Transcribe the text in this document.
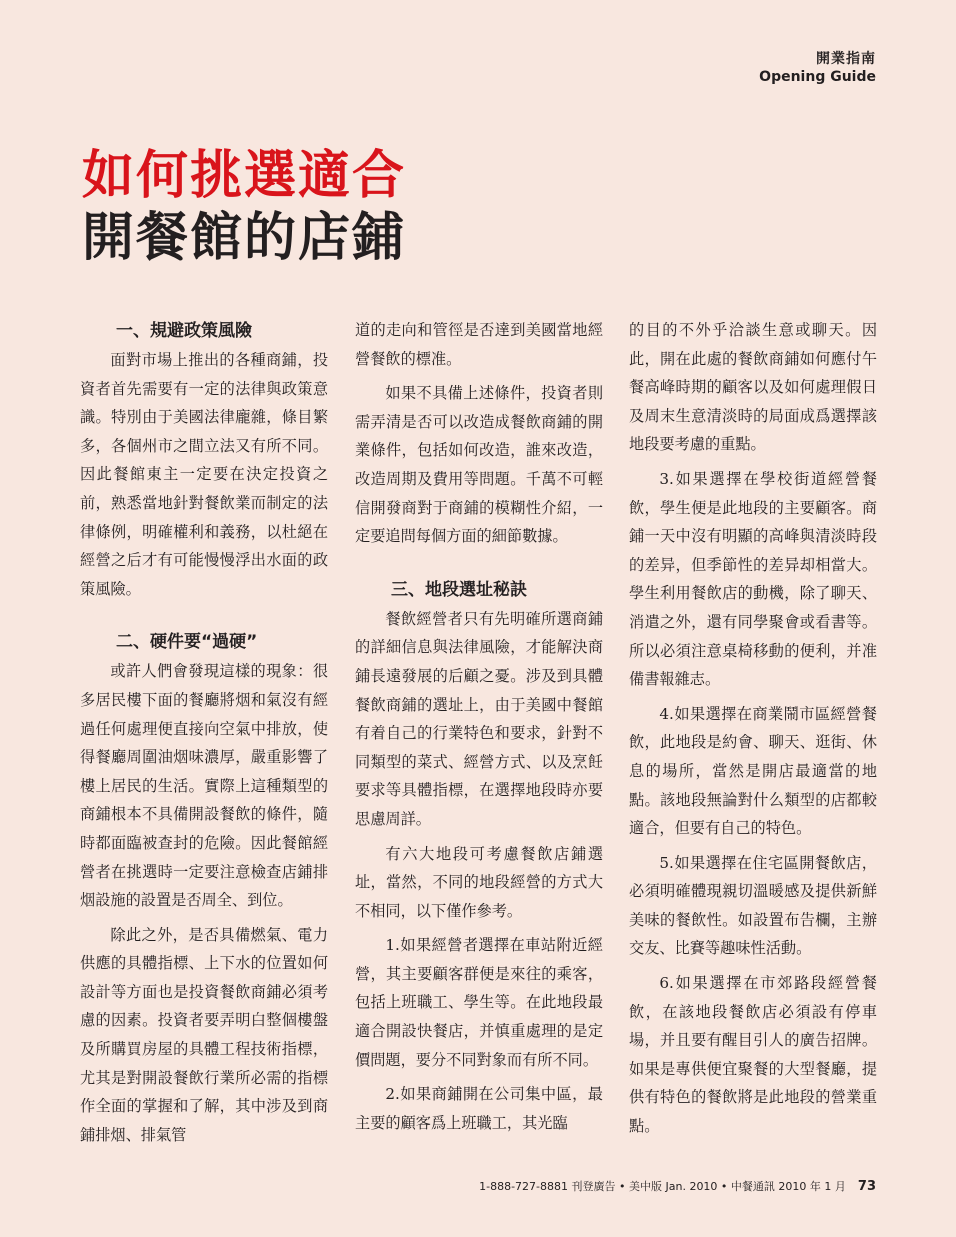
開業指南
Opening Guide
如何挑選適合
開餐館的店鋪
一、規避政策風險

面對市場上推出的各種商鋪，投資者首先需要有一定的法律與政策意識。特別由于美國法律龐雜，條目繁多，各個州市之間立法又有所不同。因此餐館東主一定要在決定投資之前，熟悉當地針對餐飲業而制定的法律條例，明確權利和義務，以杜絕在經營之后才有可能慢慢浮出水面的政策風險。

二、硬件要“過硬”

或許人們會發現這樣的現象：很多居民樓下面的餐廳將烟和氣沒有經過任何處理便直接向空氣中排放，使得餐廳周圍油烟味濃厚，嚴重影響了樓上居民的生活。實際上這種類型的商鋪根本不具備開設餐飲的條件，隨時都面臨被查封的危險。因此餐館經營者在挑選時一定要注意檢查店鋪排烟設施的設置是否周全、到位。

除此之外，是否具備燃氣、電力供應的具體指標、上下水的位置如何設計等方面也是投資餐飲商鋪必須考慮的因素。投資者要弄明白整個樓盤及所購買房屋的具體工程技術指標，尤其是對開設餐飲行業所必需的指標作全面的掌握和了解，其中涉及到商鋪排烟、排氣管

道的走向和管徑是否達到美國當地經營餐飲的標准。

如果不具備上述條件，投資者則需弄清是否可以改造成餐飲商鋪的開業條件，包括如何改造，誰來改造，改造周期及費用等問題。千萬不可輕信開發商對于商鋪的模糊性介紹，一定要追問每個方面的細節數據。

三、地段選址秘訣

餐飲經營者只有先明確所選商鋪的詳細信息與法律風險，才能解決商鋪長遠發展的后顧之憂。涉及到具體餐飲商鋪的選址上，由于美國中餐館有着自己的行業特色和要求，針對不同類型的菜式、經營方式、以及烹飪要求等具體指標，在選擇地段時亦要思慮周詳。

有六大地段可考慮餐飲店鋪選址，當然，不同的地段經營的方式大不相同，以下僅作參考。

1.如果經營者選擇在車站附近經營，其主要顧客群便是來往的乘客，包括上班職工、學生等。在此地段最適合開設快餐店，并慎重處理的是定價問題，要分不同對象而有所不同。

2.如果商鋪開在公司集中區，最主要的顧客爲上班職工，其光臨

的目的不外乎洽談生意或聊天。因此，開在此處的餐飲商鋪如何應付午餐高峰時期的顧客以及如何處理假日及周末生意清淡時的局面成爲選擇該地段要考慮的重點。

3.如果選擇在學校街道經營餐飲，學生便是此地段的主要顧客。商鋪一天中沒有明顯的高峰與清淡時段的差异，但季節性的差异却相當大。學生利用餐飲店的動機，除了聊天、消遣之外，還有同學聚會或看書等。所以必須注意桌椅移動的便利，并准備書報雜志。

4.如果選擇在商業鬧市區經營餐飲，此地段是約會、聊天、逛街、休息的場所，當然是開店最適當的地點。該地段無論對什么類型的店都較適合，但要有自己的特色。

5.如果選擇在住宅區開餐飲店，必須明確體現親切溫暖感及提供新鮮美味的餐飲性。如設置布告欄，主辦交友、比賽等趣味性活動。

6.如果選擇在市郊路段經營餐飲，在該地段餐飲店必須設有停車場，并且要有醒目引人的廣告招牌。如果是專供便宜聚餐的大型餐廳，提供有特色的餐飲將是此地段的營業重點。

1-888-727-8881 刊登廣告 • 美中版 Jan. 2010 • 中餐通訊 2010 年 1 月 73
